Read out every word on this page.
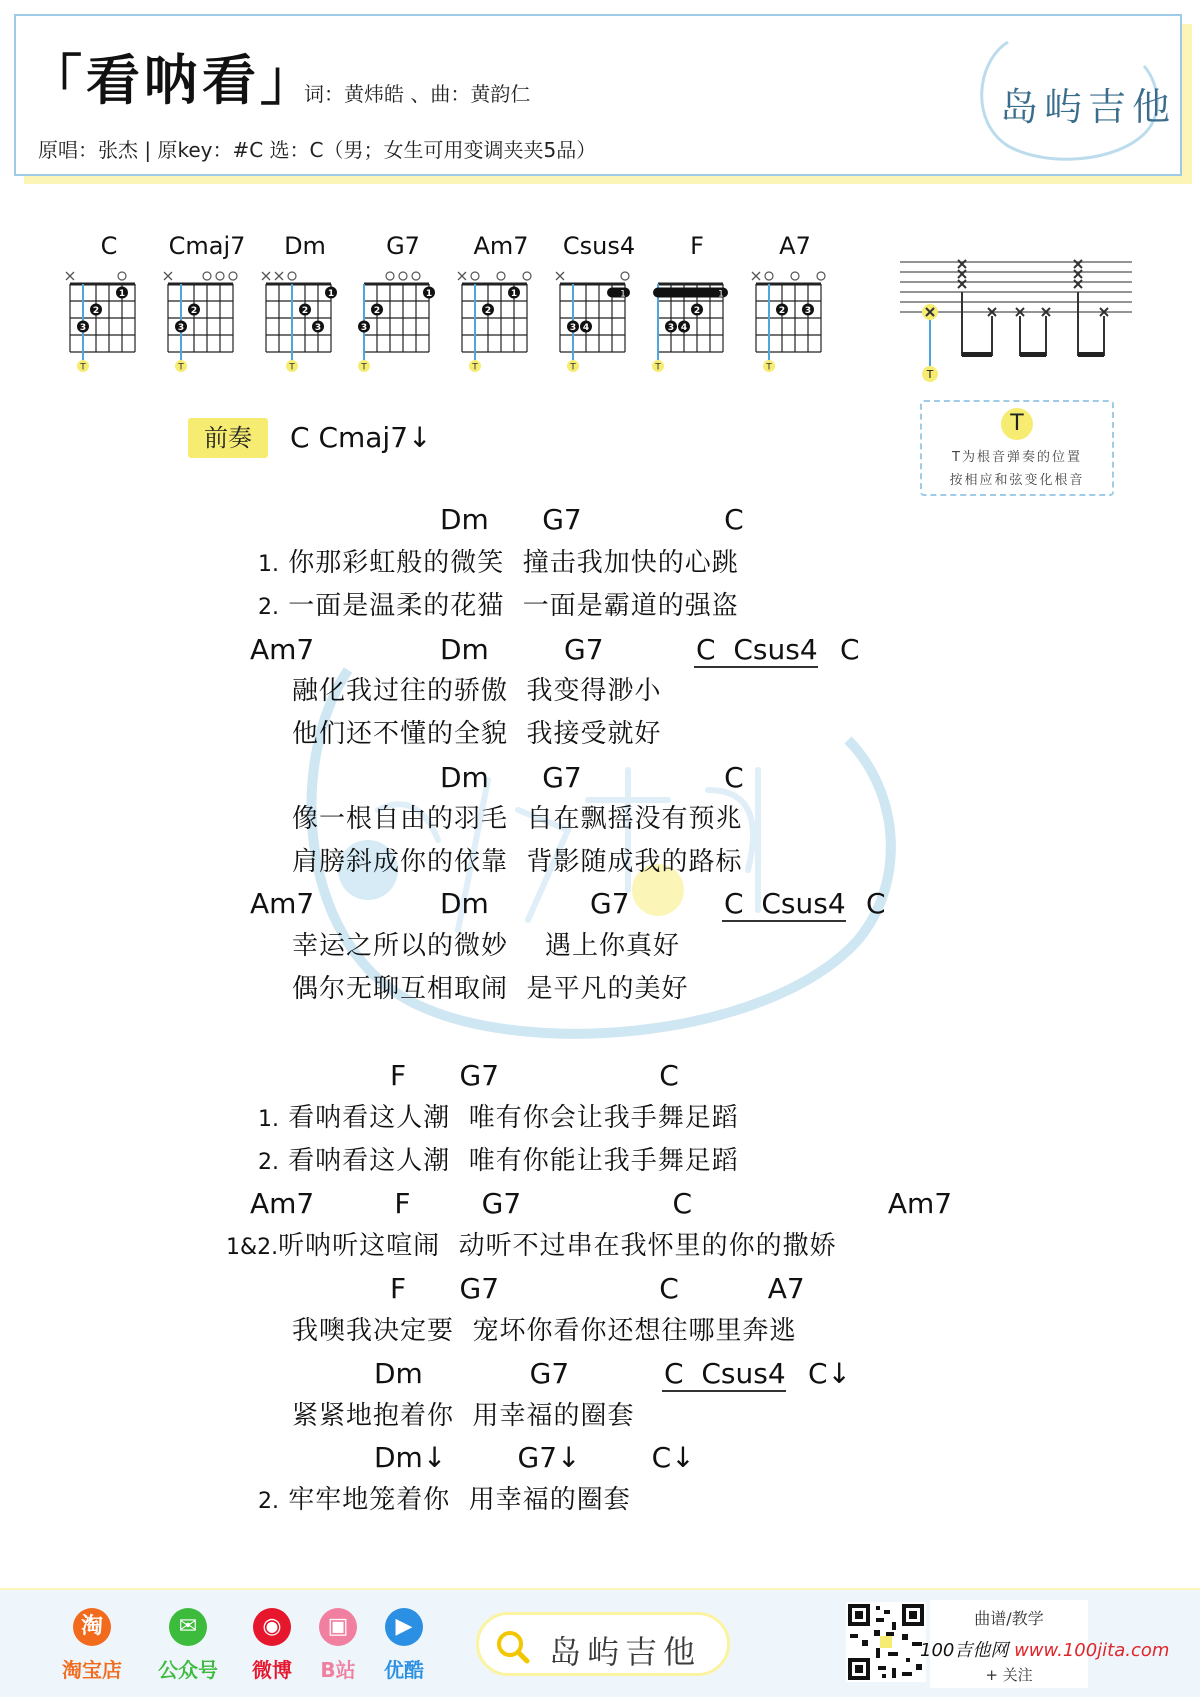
「看呐看」
词：黄炜皓 、曲：黄韵仁
原唱：张杰 | 原key：#C 选：C（男；女生可用变调夹夹5品）
岛屿吉他
C
2
3
1
T
Cmaj7
2
3
T
Dm
1
2
3
T
G7
2
3
1
T
Am7
2
1
T
Csus4
1
3 4
T
F
1
3 4
2
T
A7
2 3
T
T
T
T为根音弹奏的位置
按相应和弦变化根音
前奏	C Cmaj7↓
Dm      G7                C
1. 你那彩虹般的微笑  撞击我加快的心跳
2. 一面是温柔的花猫  一面是霸道的强盗
Am7	Dm	G7	C  Csus4 C
融化我过往的骄傲  我变得渺小
他们还不懂的全貌  我接受就好
Dm      G7                C
像一根自由的羽毛  自在飘摇没有预兆
肩膀斜成你的依靠  背影随成我的路标
Am7	Dm	G7	C  Csus4 C
幸运之所以的微妙    遇上你真好
偶尔无聊互相取闹  是平凡的美好
F      G7                  C
1. 看呐看这人潮  唯有你会让我手舞足蹈
2. 看呐看这人潮  唯有你能让我手舞足蹈
Am7         F        G7                 C                      Am7
1&2.听呐听这喧闹  动听不过串在我怀里的你的撒娇
F      G7                  C          A7
我噢我决定要  宠坏你看你还想往哪里奔逃
Dm            G7	C  Csus4 C↓
紧紧地抱着你  用幸福的圈套
Dm↓        G7↓        C↓
2. 牢牢地笼着你  用幸福的圈套
淘
淘宝店
✉
公众号
◉
微博
▣
B站
▶
优酷	岛屿吉他
曲谱/教学
100吉他网 www.100jita.com
+ 关注
